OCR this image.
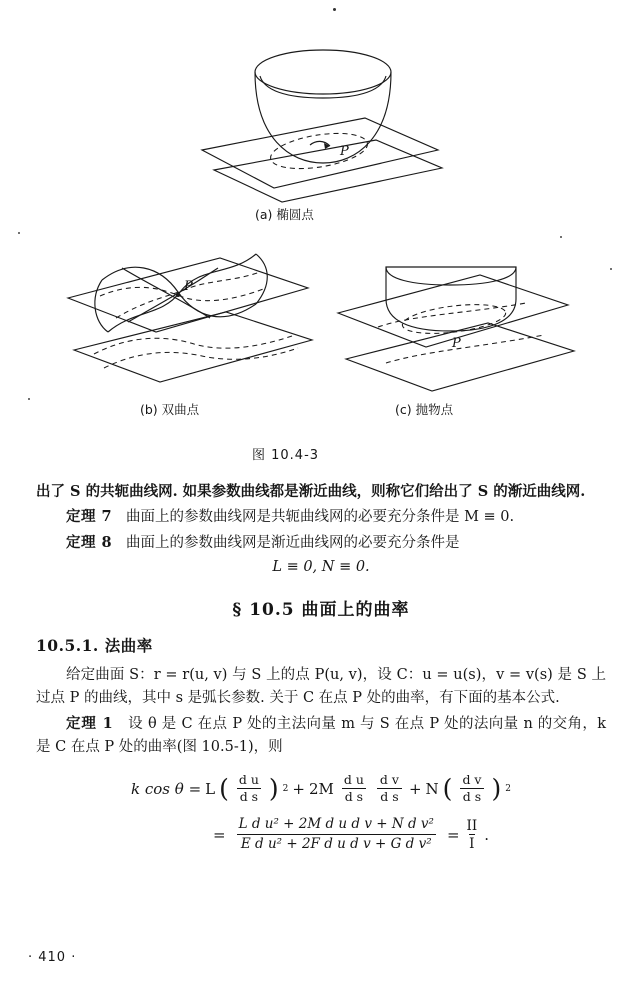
P
(a) 椭圆点
P
(b) 双曲点
P
(c) 抛物点
图 10.4-3

出了 S 的共轭曲线网. 如果参数曲线都是渐近曲线，则称它们给出了 S 的渐近曲线网.

定理 7 曲面上的参数曲线网是共轭曲线网的必要充分条件是 M ≡ 0.

定理 8 曲面上的参数曲线网是渐近曲线网的必要充分条件是

L ≡ 0, N ≡ 0.
§ 10.5 曲面上的曲率
10.5.1. 法曲率

给定曲面 S：r = r(u, v) 与 S 上的点 P(u, v)，设 C：u = u(s)，v = v(s) 是 S 上过点 P 的曲线，其中 s 是弧长参数. 关于 C 在点 P 处的曲率，有下面的基本公式.

定理 1 设 θ 是 C 在点 P 处的主法向量 m 与 S 在点 P 处的法向量 n 的交角，k 是 C 在点 P 处的曲率(图 10.5-1)，则

k cos θ = L ( $\frac{\text{d u}}{\text{d s}}$ ) $2 + 2M \frac{\text{d u}}{\text{d s}} \frac{\text{d v}}{\text{d s}} + N$ ( $\frac{\text{d v}}{\text{d s}}$ ) 2
= $\frac{\text{L d u² + 2M d u d v + N d v²}}{\text{E d u² + 2F d u d v + G d v²}} = \frac{II}{I}$ .
· 410 ·
